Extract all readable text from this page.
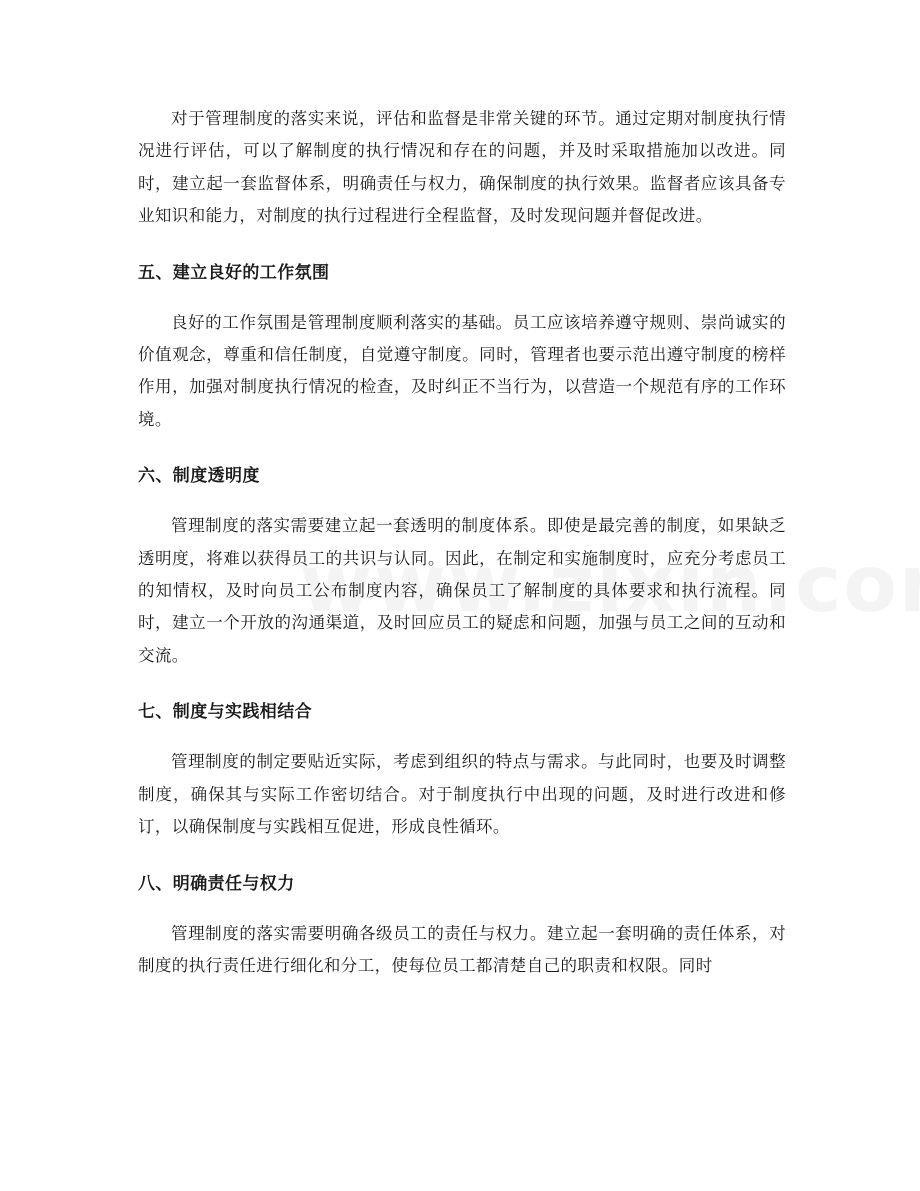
对于管理制度的落实来说，评估和监督是非常关键的环节。通过定期对制度执行情况进行评估，可以了解制度的执行情况和存在的问题，并及时采取措施加以改进。同时，建立起一套监督体系，明确责任与权力，确保制度的执行效果。监督者应该具备专业知识和能力，对制度的执行过程进行全程监督，及时发现问题并督促改进。

五、建立良好的工作氛围

良好的工作氛围是管理制度顺利落实的基础。员工应该培养遵守规则、崇尚诚实的价值观念，尊重和信任制度，自觉遵守制度。同时，管理者也要示范出遵守制度的榜样作用，加强对制度执行情况的检查，及时纠正不当行为，以营造一个规范有序的工作环境。

六、制度透明度

管理制度的落实需要建立起一套透明的制度体系。即使是最完善的制度，如果缺乏透明度，将难以获得员工的共识与认同。因此，在制定和实施制度时，应充分考虑员工的知情权，及时向员工公布制度内容，确保员工了解制度的具体要求和执行流程。同时，建立一个开放的沟通渠道，及时回应员工的疑虑和问题，加强与员工之间的互动和交流。

七、制度与实践相结合

管理制度的制定要贴近实际，考虑到组织的特点与需求。与此同时，也要及时调整制度，确保其与实际工作密切结合。对于制度执行中出现的问题，及时进行改进和修订，以确保制度与实践相互促进，形成良性循环。

八、明确责任与权力

管理制度的落实需要明确各级员工的责任与权力。建立起一套明确的责任体系，对制度的执行责任进行细化和分工，使每位员工都清楚自己的职责和权限。同时
